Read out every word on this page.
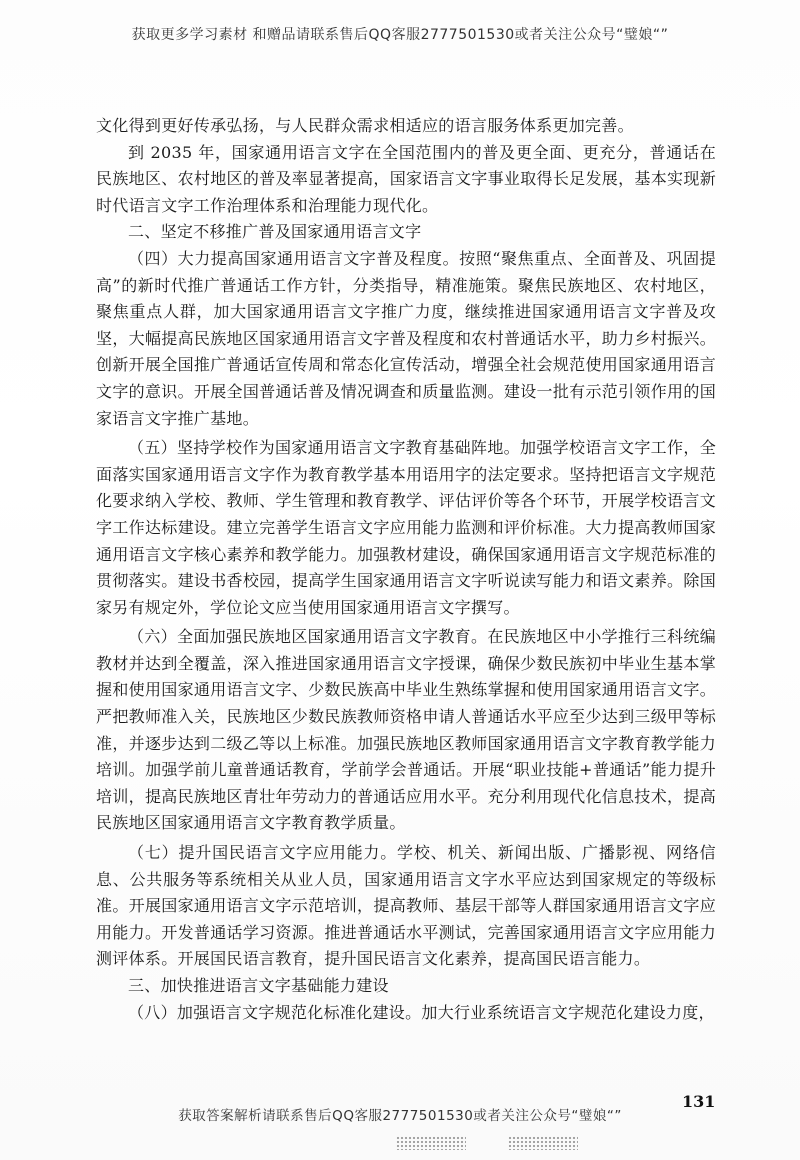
获取更多学习素材 和赠品请联系售后QQ客服2777501530或者关注公众号“璧娘“”

文化得到更好传承弘扬，与人民群众需求相适应的语言服务体系更加完善。

到 2035 年，国家通用语言文字在全国范围内的普及更全面、更充分，普通话在民族地区、农村地区的普及率显著提高，国家语言文字事业取得长足发展，基本实现新时代语言文字工作治理体系和治理能力现代化。

二、坚定不移推广普及国家通用语言文字

（四）大力提高国家通用语言文字普及程度。按照“聚焦重点、全面普及、巩固提高”的新时代推广普通话工作方针，分类指导，精准施策。聚焦民族地区、农村地区，聚焦重点人群，加大国家通用语言文字推广力度，继续推进国家通用语言文字普及攻坚，大幅提高民族地区国家通用语言文字普及程度和农村普通话水平，助力乡村振兴。创新开展全国推广普通话宣传周和常态化宣传活动，增强全社会规范使用国家通用语言文字的意识。开展全国普通话普及情况调查和质量监测。建设一批有示范引领作用的国家语言文字推广基地。

（五）坚持学校作为国家通用语言文字教育基础阵地。加强学校语言文字工作，全面落实国家通用语言文字作为教育教学基本用语用字的法定要求。坚持把语言文字规范化要求纳入学校、教师、学生管理和教育教学、评估评价等各个环节，开展学校语言文字工作达标建设。建立完善学生语言文字应用能力监测和评价标准。大力提高教师国家通用语言文字核心素养和教学能力。加强教材建设，确保国家通用语言文字规范标准的贯彻落实。建设书香校园，提高学生国家通用语言文字听说读写能力和语文素养。除国家另有规定外，学位论文应当使用国家通用语言文字撰写。

（六）全面加强民族地区国家通用语言文字教育。在民族地区中小学推行三科统编教材并达到全覆盖，深入推进国家通用语言文字授课，确保少数民族初中毕业生基本掌握和使用国家通用语言文字、少数民族高中毕业生熟练掌握和使用国家通用语言文字。严把教师准入关，民族地区少数民族教师资格申请人普通话水平应至少达到三级甲等标准，并逐步达到二级乙等以上标准。加强民族地区教师国家通用语言文字教育教学能力培训。加强学前儿童普通话教育，学前学会普通话。开展“职业技能+普通话”能力提升培训，提高民族地区青壮年劳动力的普通话应用水平。充分利用现代化信息技术，提高民族地区国家通用语言文字教育教学质量。

（七）提升国民语言文字应用能力。学校、机关、新闻出版、广播影视、网络信息、公共服务等系统相关从业人员，国家通用语言文字水平应达到国家规定的等级标准。开展国家通用语言文字示范培训，提高教师、基层干部等人群国家通用语言文字应用能力。开发普通话学习资源。推进普通话水平测试，完善国家通用语言文字应用能力测评体系。开展国民语言教育，提升国民语言文化素养，提高国民语言能力。

三、加快推进语言文字基础能力建设

（八）加强语言文字规范化标准化建设。加大行业系统语言文字规范化建设力度，

131
获取答案解析请联系售后QQ客服2777501530或者关注公众号“璧娘“”
